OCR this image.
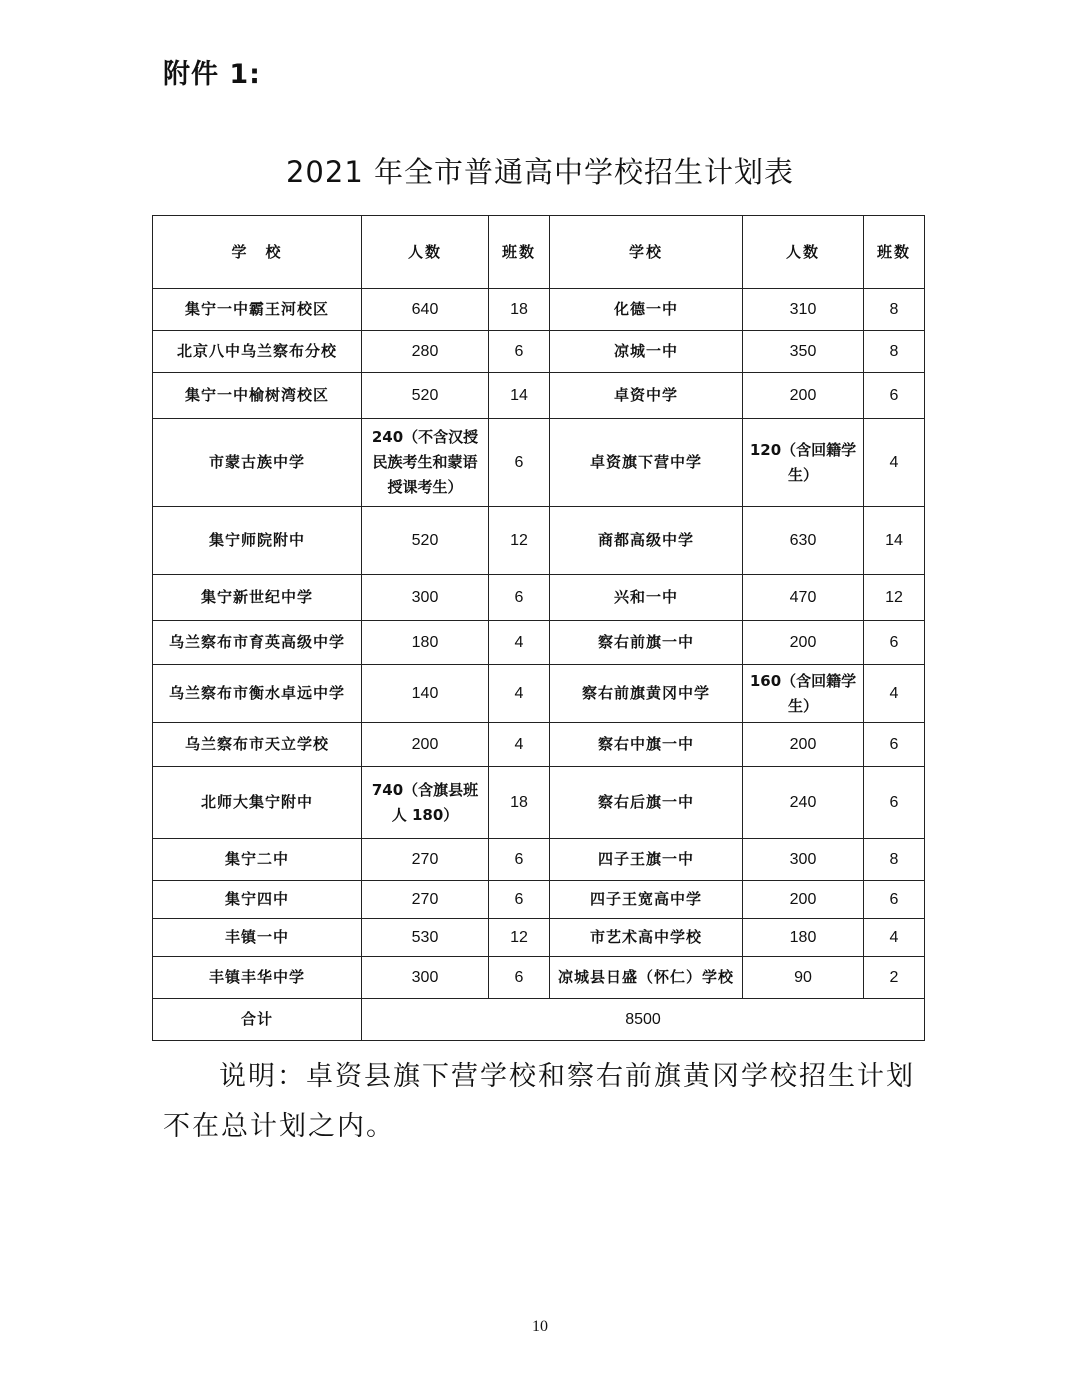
附件 1:
2021 年全市普通高中学校招生计划表
学　校	人数	班数	学校	人数	班数
集宁一中霸王河校区	640	18	化德一中	310	8
北京八中乌兰察布分校	280	6	凉城一中	350	8
集宁一中榆树湾校区	520	14	卓资中学	200	6
市蒙古族中学	240（不含汉授民族考生和蒙语授课考生）	6	卓资旗下营中学	120（含回籍学生）	4
集宁师院附中	520	12	商都高级中学	630	14
集宁新世纪中学	300	6	兴和一中	470	12
乌兰察布市育英高级中学	180	4	察右前旗一中	200	6
乌兰察布市衡水卓远中学	140	4	察右前旗黄冈中学	160（含回籍学生）	4
乌兰察布市天立学校	200	4	察右中旗一中	200	6
北师大集宁附中	740（含旗县班人 180）	18	察右后旗一中	240	6
集宁二中	270	6	四子王旗一中	300	8
集宁四中	270	6	四子王宽高中学	200	6
丰镇一中	530	12	市艺术高中学校	180	4
丰镇丰华中学	300	6	凉城县日盛（怀仁）学校	90	2
合计	8500				
说明：卓资县旗下营学校和察右前旗黄冈学校招生计划不在总计划之内。
10
